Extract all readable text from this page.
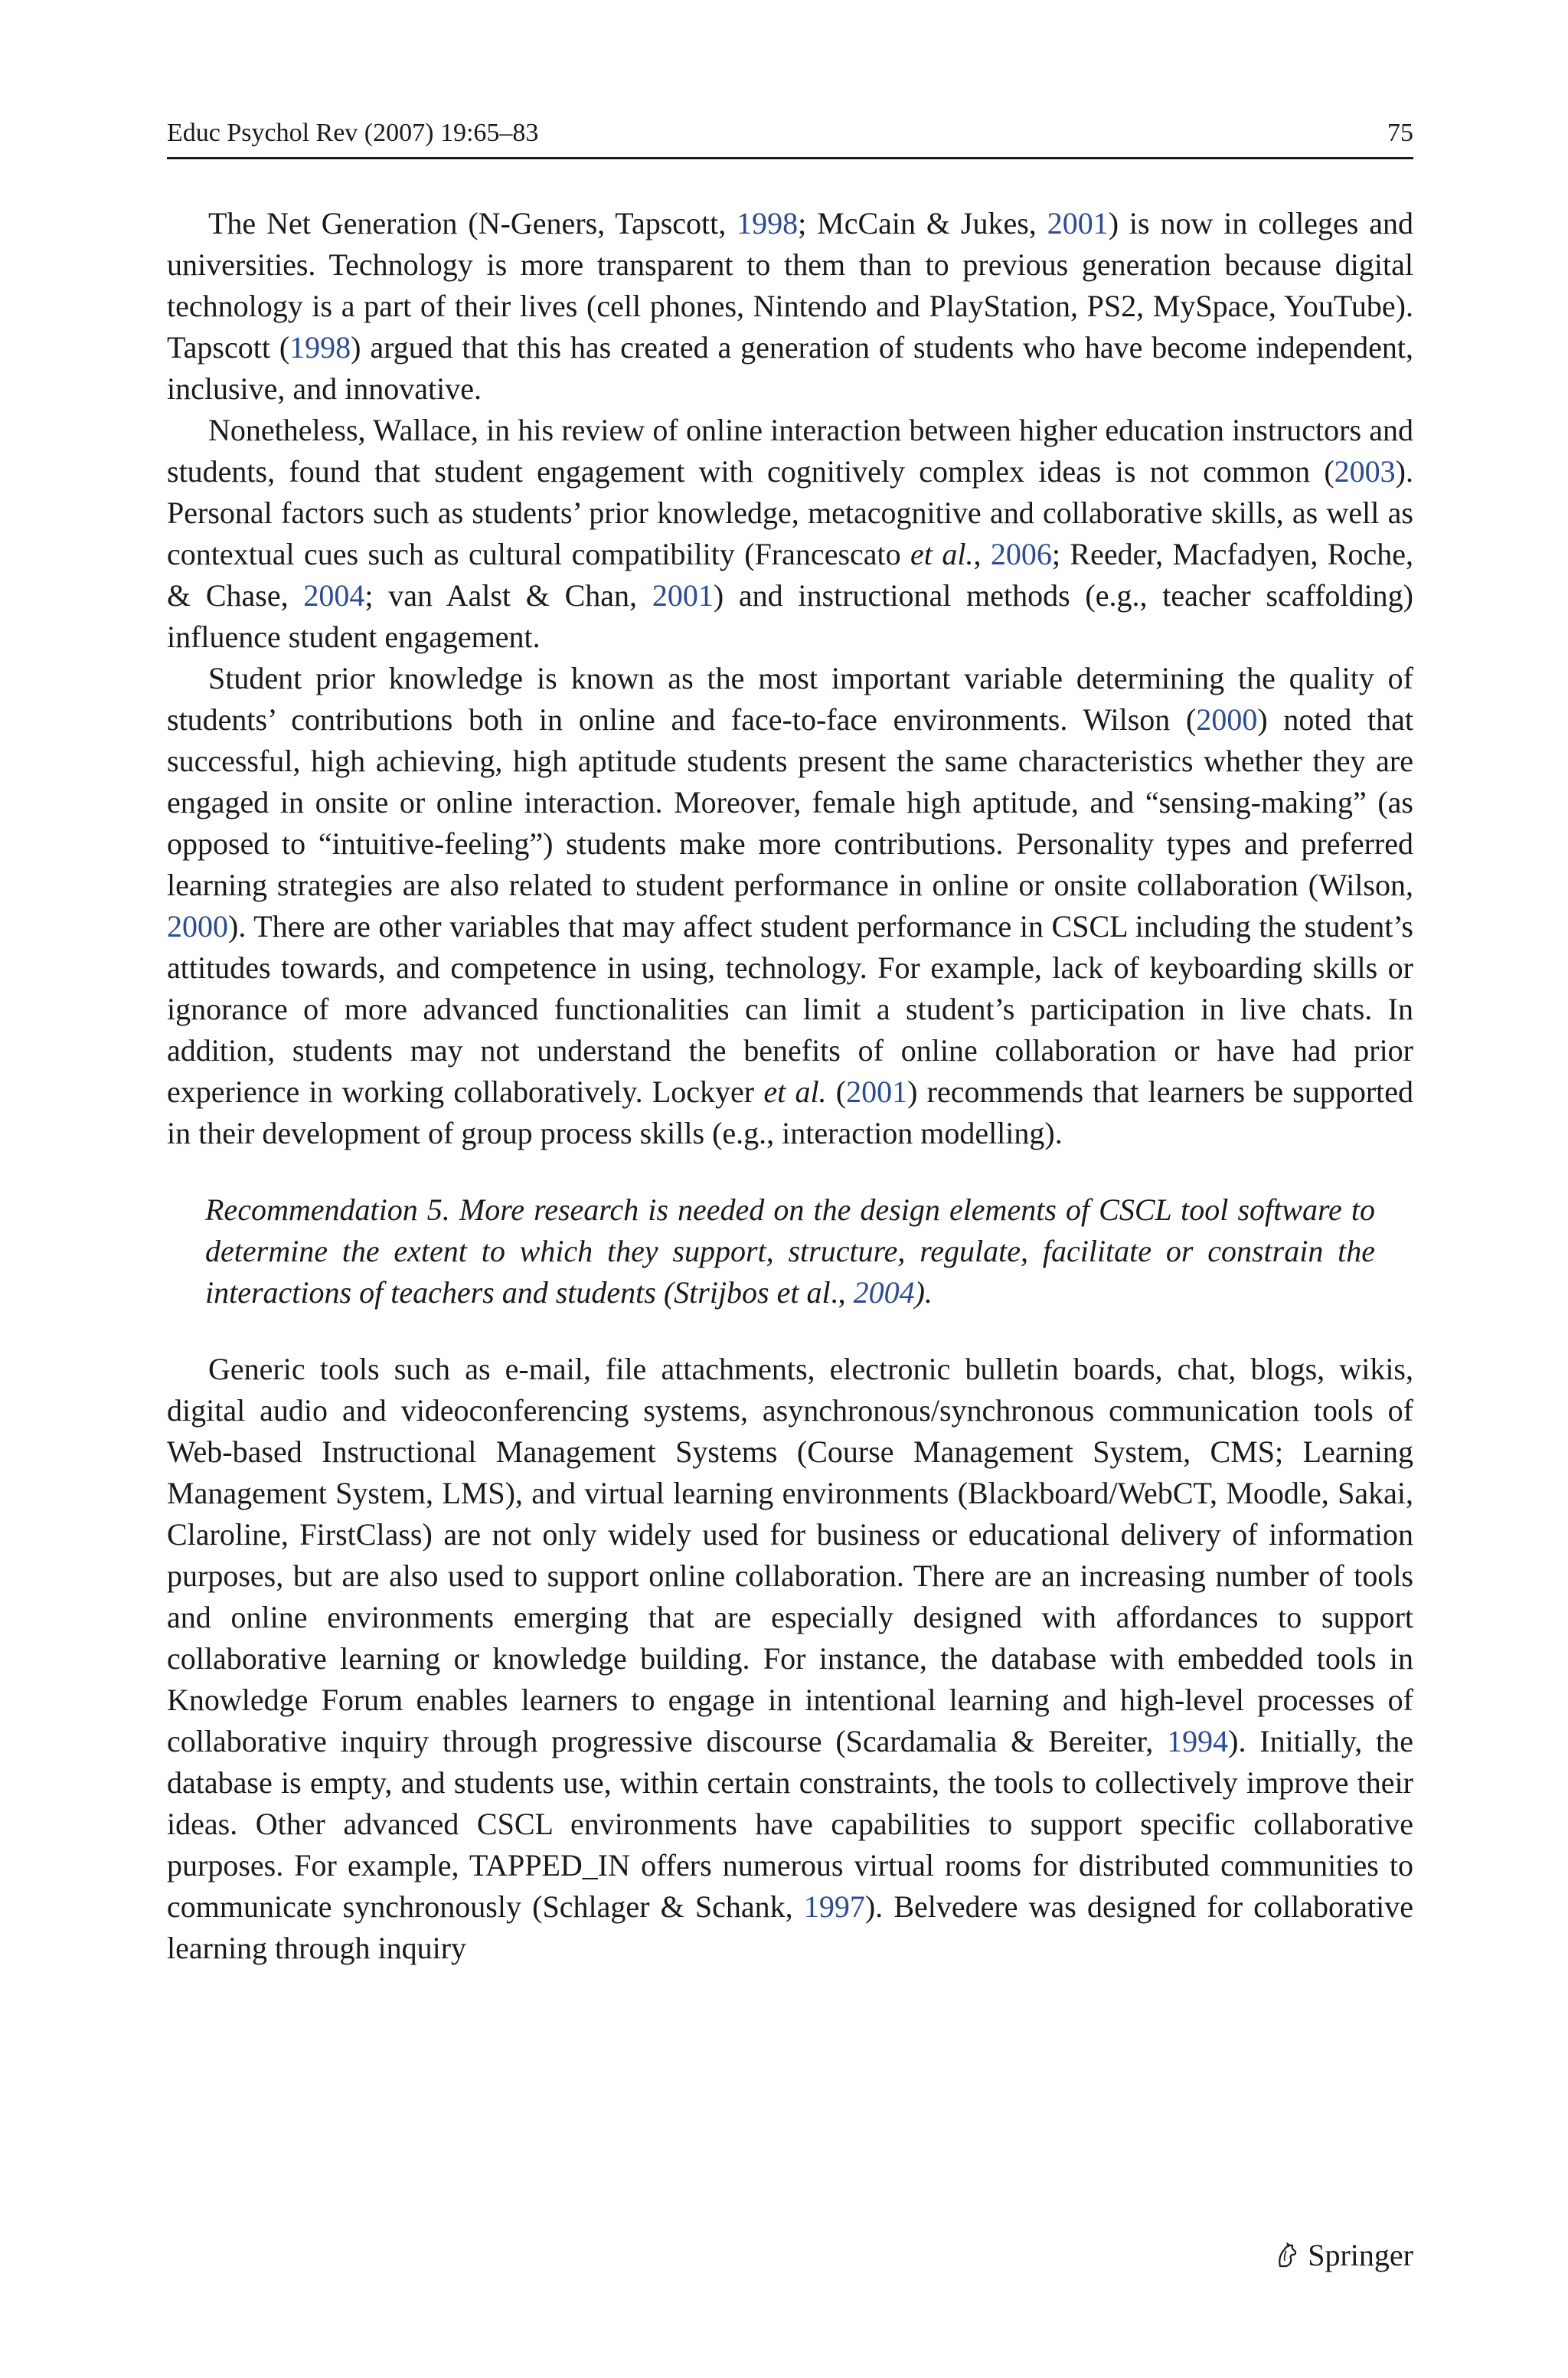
Educ Psychol Rev (2007) 19:65–83	75

The Net Generation (N-Geners, Tapscott, 1998; McCain & Jukes, 2001) is now in colleges and universities. Technology is more transparent to them than to previous generation because digital technology is a part of their lives (cell phones, Nintendo and PlayStation, PS2, MySpace, YouTube). Tapscott (1998) argued that this has created a generation of students who have become independent, inclusive, and innovative.

Nonetheless, Wallace, in his review of online interaction between higher education instructors and students, found that student engagement with cognitively complex ideas is not common (2003). Personal factors such as students’ prior knowledge, metacognitive and collaborative skills, as well as contextual cues such as cultural compatibility (Francescato et al., 2006; Reeder, Macfadyen, Roche, & Chase, 2004; van Aalst & Chan, 2001) and instructional methods (e.g., teacher scaffolding) influence student engagement.

Student prior knowledge is known as the most important variable determining the quality of students’ contributions both in online and face-to-face environments. Wilson (2000) noted that successful, high achieving, high aptitude students present the same characteristics whether they are engaged in onsite or online interaction. Moreover, female high aptitude, and “sensing-making” (as opposed to “intuitive-feeling”) students make more contributions. Personality types and preferred learning strategies are also related to student performance in online or onsite collaboration (Wilson, 2000). There are other variables that may affect student performance in CSCL including the student’s attitudes towards, and competence in using, technology. For example, lack of keyboarding skills or ignorance of more advanced functionalities can limit a student’s participation in live chats. In addition, students may not understand the benefits of online collaboration or have had prior experience in working collaboratively. Lockyer et al. (2001) recommends that learners be supported in their development of group process skills (e.g., interaction modelling).

Recommendation 5. More research is needed on the design elements of CSCL tool software to determine the extent to which they support, structure, regulate, facilitate or constrain the interactions of teachers and students (Strijbos et al., 2004).

Generic tools such as e-mail, file attachments, electronic bulletin boards, chat, blogs, wikis, digital audio and videoconferencing systems, asynchronous/synchronous communication tools of Web-based Instructional Management Systems (Course Management System, CMS; Learning Management System, LMS), and virtual learning environments (Blackboard/WebCT, Moodle, Sakai, Claroline, FirstClass) are not only widely used for business or educational delivery of information purposes, but are also used to support online collaboration. There are an increasing number of tools and online environments emerging that are especially designed with affordances to support collaborative learning or knowledge building. For instance, the database with embedded tools in Knowledge Forum enables learners to engage in intentional learning and high-level processes of collaborative inquiry through progressive discourse (Scardamalia & Bereiter, 1994). Initially, the database is empty, and students use, within certain constraints, the tools to collectively improve their ideas. Other advanced CSCL environments have capabilities to support specific collaborative purposes. For example, TAPPED_IN offers numerous virtual rooms for distributed communities to communicate synchronously (Schlager & Schank, 1997). Belvedere was designed for collaborative learning through inquiry

Springer
